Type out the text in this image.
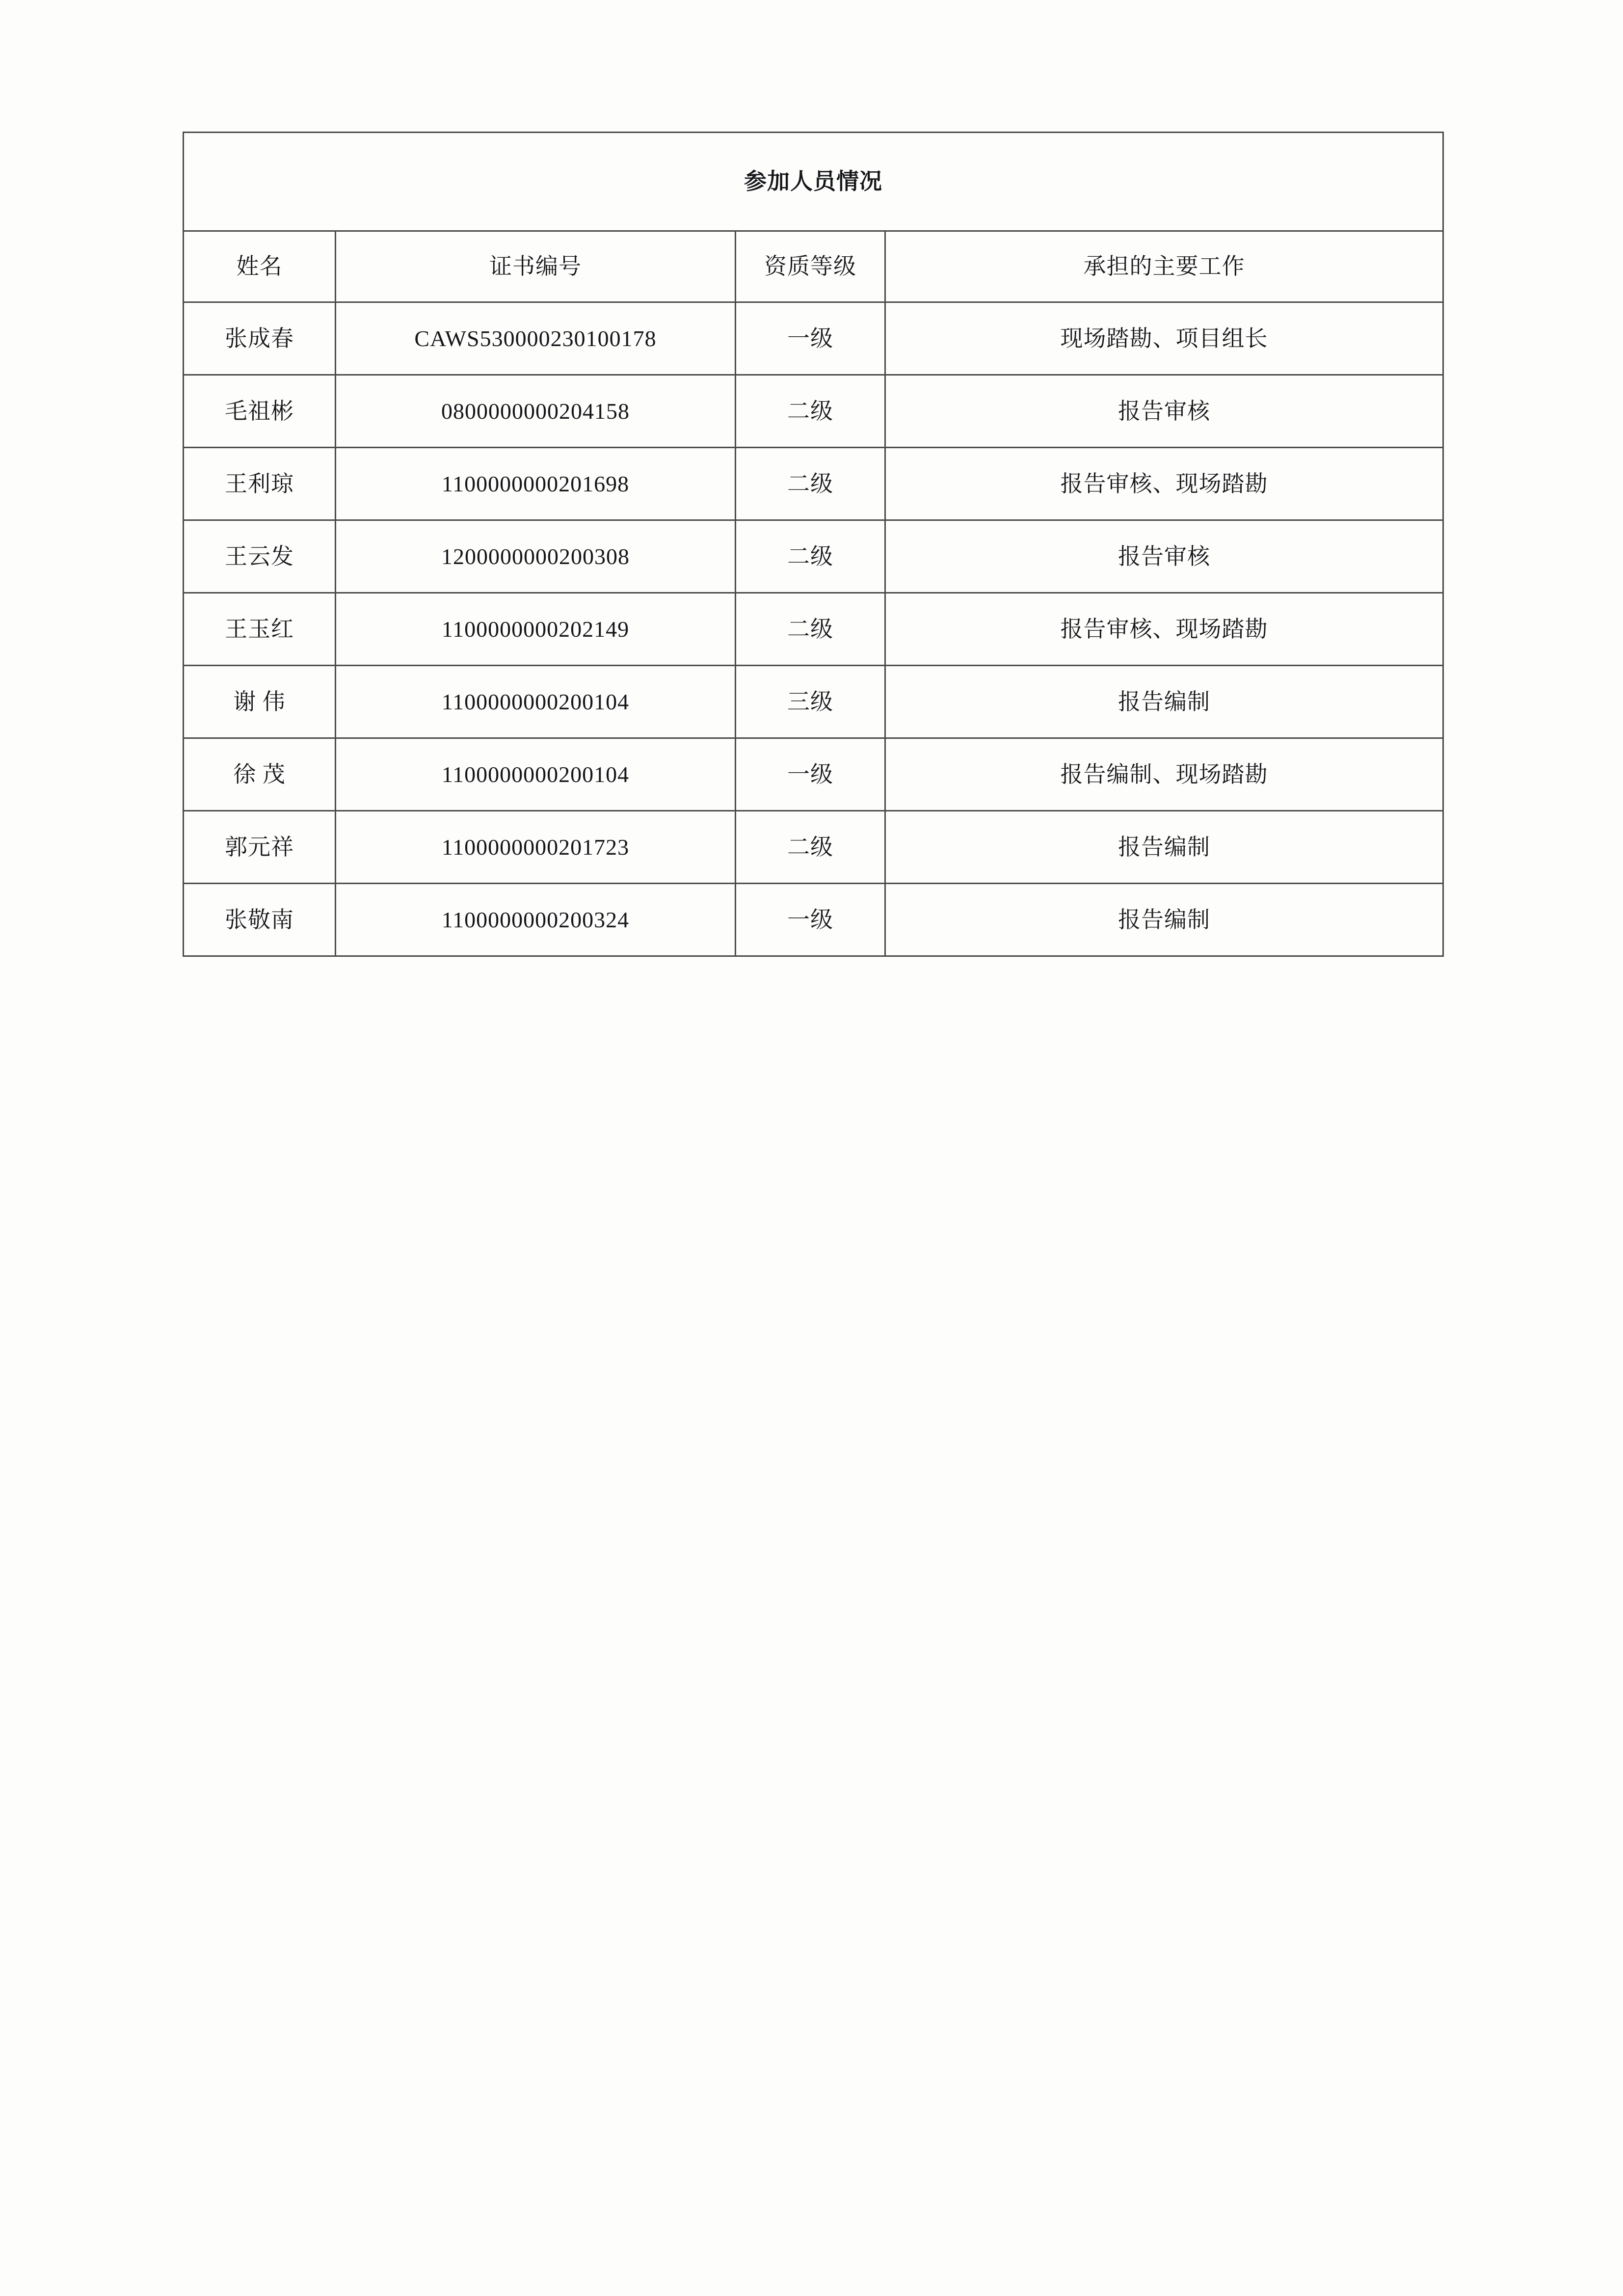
参加人员情况			
姓名	证书编号	资质等级	承担的主要工作
张成春	CAWS530000230100178	一级	现场踏勘、项目组长
毛祖彬	0800000000204158	二级	报告审核
王利琼	1100000000201698	二级	报告审核、现场踏勘
王云发	1200000000200308	二级	报告审核
王玉红	1100000000202149	二级	报告审核、现场踏勘
谢 伟	1100000000200104	三级	报告编制
徐 茂	1100000000200104	一级	报告编制、现场踏勘
郭元祥	1100000000201723	二级	报告编制
张敬南	1100000000200324	一级	报告编制
